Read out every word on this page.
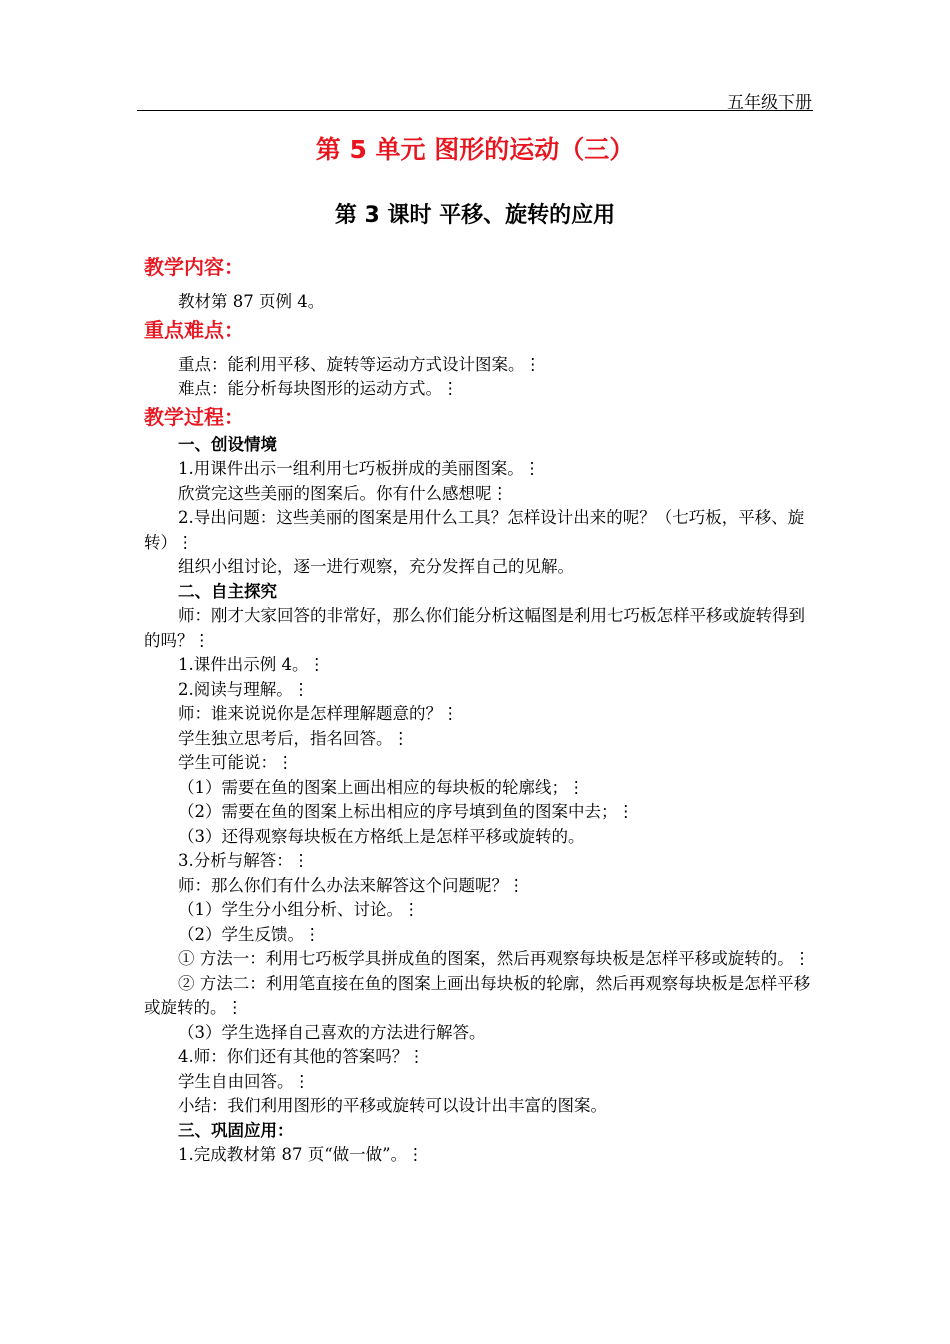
五年级下册
第 5 单元 图形的运动（三）
第 3 课时 平移、旋转的应用
教学内容：

教材第 87 页例 4。

重点难点：

重点：能利用平移、旋转等运动方式设计图案。⋮

难点：能分析每块图形的运动方式。⋮

教学过程：

一、创设情境

1.用课件出示一组利用七巧板拼成的美丽图案。⋮

欣赏完这些美丽的图案后。你有什么感想呢⋮

2.导出问题：这些美丽的图案是用什么工具？怎样设计出来的呢？（七巧板，平移、旋转）⋮

组织小组讨论，逐一进行观察，充分发挥自己的见解。

二、自主探究

师：刚才大家回答的非常好，那么你们能分析这幅图是利用七巧板怎样平移或旋转得到的吗？⋮

1.课件出示例 4。⋮

2.阅读与理解。⋮

师：谁来说说你是怎样理解题意的？⋮

学生独立思考后，指名回答。⋮

学生可能说：⋮

（1）需要在鱼的图案上画出相应的每块板的轮廓线；⋮

（2）需要在鱼的图案上标出相应的序号填到鱼的图案中去；⋮

（3）还得观察每块板在方格纸上是怎样平移或旋转的。

3.分析与解答：⋮

师：那么你们有什么办法来解答这个问题呢？⋮

（1）学生分小组分析、讨论。⋮

（2）学生反馈。⋮

① 方法一：利用七巧板学具拼成鱼的图案，然后再观察每块板是怎样平移或旋转的。⋮

② 方法二：利用笔直接在鱼的图案上画出每块板的轮廓，然后再观察每块板是怎样平移或旋转的。⋮

（3）学生选择自己喜欢的方法进行解答。

4.师：你们还有其他的答案吗？⋮

学生自由回答。⋮

小结：我们利用图形的平移或旋转可以设计出丰富的图案。

三、巩固应用：

1.完成教材第 87 页“做一做”。⋮
